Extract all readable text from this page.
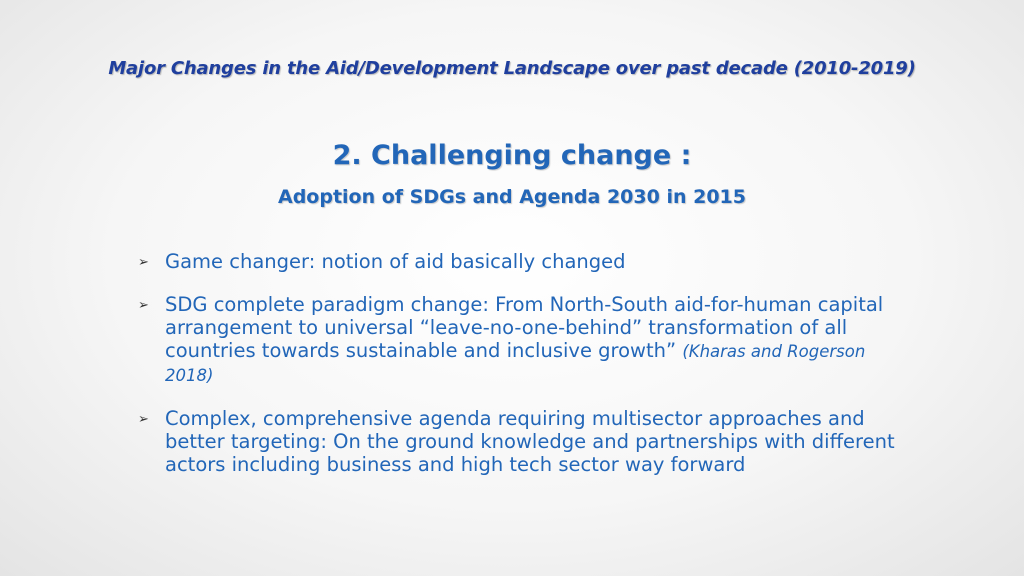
Major Changes in the Aid/Development Landscape over past decade (2010-2019)
2. Challenging change :
Adoption of SDGs and Agenda 2030 in 2015
➢ Game changer: notion of aid basically changed
➢ SDG complete paradigm change: From North-South aid-for-human capital arrangement to universal “leave-no-one-behind” transformation of all countries towards sustainable and inclusive growth” (Kharas and Rogerson 2018)
➢ Complex, comprehensive agenda requiring multisector approaches and better targeting: On the ground knowledge and partnerships with different actors including business and high tech sector way forward
